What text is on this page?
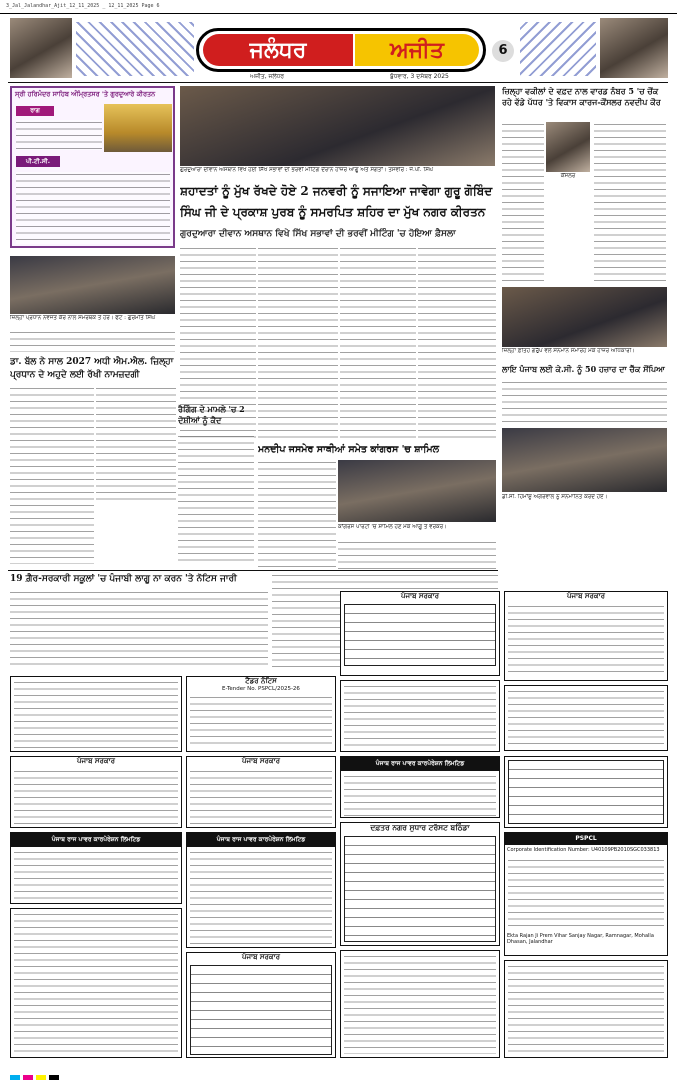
3_Jal_Jalandhar_Ajit_12_11_2025 _ 12_11_2025 Page 6
ਜਲੰਧਰ	ਅਜੀਤ
ਅਜੀਤ, ਜਲੰਧਰ	ਬੁੱਧਵਾਰ, 3 ਦਸੰਬਰ 2025
6
ਸ੍ਰੀ ਹਰਿਮੰਦਰ ਸਾਹਿਬ ਅੰਮ੍ਰਿਤਸਰ 'ਤੇ ਗੁਰਦੁਆਰੇ ਕੀਰਤਨ
ਰਾਗ
ਪੀ.ਟੀ.ਸੀ.
ਗੁਰਦੁਆਰਾ ਦੀਵਾਨ ਅਸਥਾਨ ਵਿਖੇ ਹੋਈ ਸਿੱਖ ਸਭਾਵਾਂ ਦੀ ਭਰਵੀਂ ਮੀਟਿੰਗ ਦੌਰਾਨ ਹਾਜ਼ਰ ਆਗੂ ਅਤੇ ਸੰਗਤਾਂ। ਤਸਵੀਰ : ਜੇ.ਪੀ. ਸਿੰਘ
ਸ਼ਹਾਦਤਾਂ ਨੂੰ ਮੁੱਖ ਰੱਖਦੇ ਹੋਏ 2 ਜਨਵਰੀ ਨੂੰ ਸਜਾਇਆ ਜਾਵੇਗਾ ਗੁਰੂ ਗੋਬਿੰਦ ਸਿੰਘ ਜੀ ਦੇ ਪ੍ਰਕਾਸ਼ ਪੁਰਬ ਨੂੰ ਸਮਰਪਿਤ ਸ਼ਹਿਰ ਦਾ ਮੁੱਖ ਨਗਰ ਕੀਰਤਨ
ਗੁਰਦੁਆਰਾ ਦੀਵਾਨ ਅਸਥਾਨ ਵਿਖੇ ਸਿੱਖ ਸਭਾਵਾਂ ਦੀ ਭਰਵੀਂ ਮੀਟਿੰਗ 'ਚ ਹੋਇਆ ਫ਼ੈਸਲਾ
ਜ਼ਿਲ੍ਹਾ ਵਕੀਲਾਂ ਦੇ ਵਫ਼ਦ ਨਾਲ ਵਾਰਡ ਨੰਬਰ 5 'ਚ ਚੌਂਕ ਰਹੇ ਵੱਡੇ ਪੱਧਰ 'ਤੇ ਵਿਕਾਸ ਕਾਰਜ-ਕੌਂਸਲਰ ਨਵਦੀਪ ਕੌਰ
ਕੌਂਸਲਰ
ਜ਼ਿਲ੍ਹਾ ਪ੍ਰਧਾਨ ਨਵਜੋਤ ਕੌਰ ਨਾਲ ਸਮਰਥਕ ਤੇ ਹੋਰ। ਫੋਟੋ : ਗੁਰਮੀਤ ਸਿੰਘ
ਡਾ. ਬੱਲ ਨੇ ਸਾਲ 2027 ਅਧੀ ਐਮ.ਐਲ. ਜ਼ਿਲ੍ਹਾ ਪ੍ਰਧਾਨ ਦੇ ਅਹੁਦੇ ਲਈ ਰੱਖੀ ਨਾਮਜ਼ਦਗੀ
ਰੈਗਿੰਗ ਦੇ ਮਾਮਲੇ 'ਚ 2 ਦੋਸ਼ੀਆਂ ਨੂੰ ਕੈਦ
ਮਨਦੀਪ ਜਸਮੇਰ ਸਾਥੀਆਂ ਸਮੇਤ ਕਾਂਗਰਸ 'ਚ ਸ਼ਾਮਿਲ
ਕਾਂਗਰਸ ਪਾਰਟੀ 'ਚ ਸ਼ਾਮਿਲ ਹੋਣ ਮੌਕੇ ਆਗੂ ਤੇ ਵਰਕਰ।
ਜ਼ਿਲ੍ਹਾ ਫ਼ਤਿਹ ਗਰੁੱਪ ਵਲੋਂ ਸਨਮਾਨ ਸਮਾਰੋਹ ਮੌਕੇ ਹਾਜ਼ਰ ਅਧਿਕਾਰੀ।
ਲਾਇ ਪੰਜਾਬ ਲਈ ਕੇ.ਸੀ. ਨੂੰ 50 ਹਜ਼ਾਰ ਦਾ ਚੈੱਕ ਸੌਂਪਿਆ
ਡੀ.ਸੀ. ਹਿਮਾਂਸ਼ੂ ਅਗਰਵਾਲ ਨੂੰ ਸਨਮਾਨਿਤ ਕਰਦੇ ਹੋਏ।
19 ਗ਼ੈਰ-ਸਰਕਾਰੀ ਸਕੂਲਾਂ 'ਚ ਪੰਜਾਬੀ ਲਾਗੂ ਨਾ ਕਰਨ 'ਤੇ ਨੋਟਿਸ ਜਾਰੀ
ਪੰਜਾਬ ਸਰਕਾਰ	ਪੰਜਾਬ ਸਰਕਾਰ
ਟੈਂਡਰ ਨੋਟਿਸ
E-Tender No. PSPCL/2025-26
ਪੰਜਾਬ ਸਰਕਾਰ	ਪੰਜਾਬ ਸਰਕਾਰ	ਪੰਜਾਬ ਰਾਜ ਪਾਵਰ ਕਾਰਪੋਰੇਸ਼ਨ ਲਿਮਟਿਡ
ਪੰਜਾਬ ਰਾਜ ਪਾਵਰ ਕਾਰਪੋਰੇਸ਼ਨ ਲਿਮਟਿਡ	ਪੰਜਾਬ ਰਾਜ ਪਾਵਰ ਕਾਰਪੋਰੇਸ਼ਨ ਲਿਮਟਿਡ
ਦਫ਼ਤਰ ਨਗਰ ਸੁਧਾਰ ਟਰੱਸਟ ਬਠਿੰਡਾ
PSPCL
Corporate Identification Number: U40109PB2010SGC033813
Ekta Rajan Ji Prem Vihar Sanjay Nagar, Ramnagar, Mohalla Dhasan, Jalandhar
ਪੰਜਾਬ ਸਰਕਾਰ
